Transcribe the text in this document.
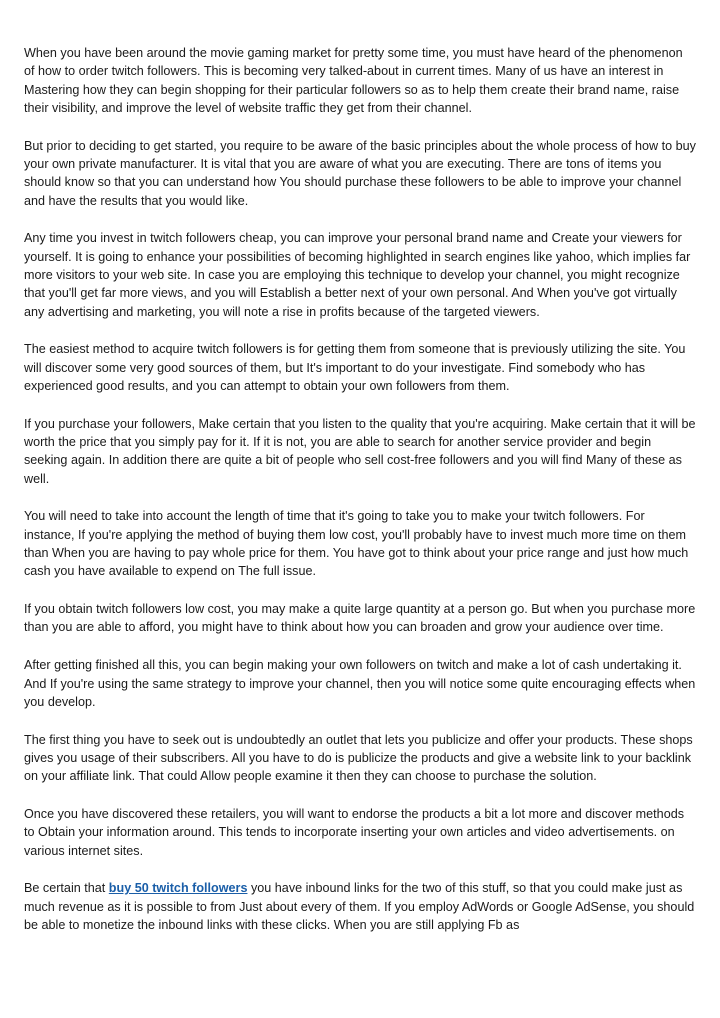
When you have been around the movie gaming market for pretty some time, you must have heard of the phenomenon of how to order twitch followers. This is becoming very talked-about in current times. Many of us have an interest in Mastering how they can begin shopping for their particular followers so as to help them create their brand name, raise their visibility, and improve the level of website traffic they get from their channel.

But prior to deciding to get started, you require to be aware of the basic principles about the whole process of how to buy your own private manufacturer. It is vital that you are aware of what you are executing. There are tons of items you should know so that you can understand how You should purchase these followers to be able to improve your channel and have the results that you would like.

Any time you invest in twitch followers cheap, you can improve your personal brand name and Create your viewers for yourself. It is going to enhance your possibilities of becoming highlighted in search engines like yahoo, which implies far more visitors to your web site. In case you are employing this technique to develop your channel, you might recognize that you'll get far more views, and you will Establish a better next of your own personal. And When you've got virtually any advertising and marketing, you will note a rise in profits because of the targeted viewers.

The easiest method to acquire twitch followers is for getting them from someone that is previously utilizing the site. You will discover some very good sources of them, but It's important to do your investigate. Find somebody who has experienced good results, and you can attempt to obtain your own followers from them.

If you purchase your followers, Make certain that you listen to the quality that you're acquiring. Make certain that it will be worth the price that you simply pay for it. If it is not, you are able to search for another service provider and begin seeking again. In addition there are quite a bit of people who sell cost-free followers and you will find Many of these as well.

You will need to take into account the length of time that it's going to take you to make your twitch followers. For instance, If you're applying the method of buying them low cost, you'll probably have to invest much more time on them than When you are having to pay whole price for them. You have got to think about your price range and just how much cash you have available to expend on The full issue.

If you obtain twitch followers low cost, you may make a quite large quantity at a person go. But when you purchase more than you are able to afford, you might have to think about how you can broaden and grow your audience over time.

After getting finished all this, you can begin making your own followers on twitch and make a lot of cash undertaking it. And If you're using the same strategy to improve your channel, then you will notice some quite encouraging effects when you develop.

The first thing you have to seek out is undoubtedly an outlet that lets you publicize and offer your products. These shops gives you usage of their subscribers. All you have to do is publicize the products and give a website link to your backlink on your affiliate link. That could Allow people examine it then they can choose to purchase the solution.

Once you have discovered these retailers, you will want to endorse the products a bit a lot more and discover methods to Obtain your information around. This tends to incorporate inserting your own articles and video advertisements. on various internet sites.

Be certain that buy 50 twitch followers you have inbound links for the two of this stuff, so that you could make just as much revenue as it is possible to from Just about every of them. If you employ AdWords or Google AdSense, you should be able to monetize the inbound links with these clicks. When you are still applying Fb as
